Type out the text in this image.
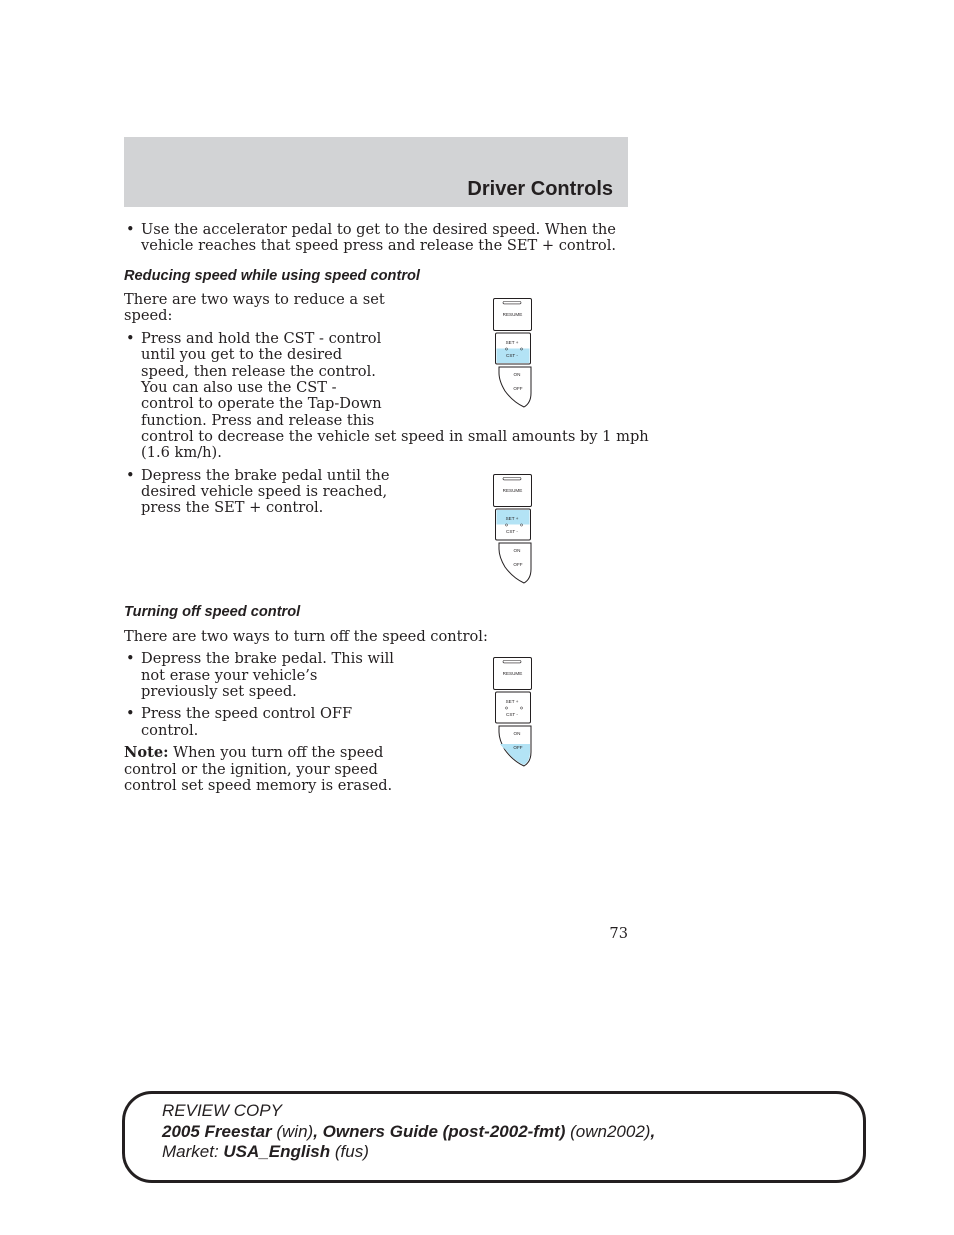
Driver Controls
• Use the accelerator pedal to get to the desired speed. When the

vehicle reaches that speed press and release the SET + control.

Reducing speed while using speed control

There are two ways to reduce a set

speed:

• Press and hold the CST - control

until you get to the desired

speed, then release the control.

You can also use the CST -

control to operate the Tap-Down

function. Press and release this

control to decrease the vehicle set speed in small amounts by 1 mph

(1.6 km/h).

• Depress the brake pedal until the

desired vehicle speed is reached,

press the SET + control.

Turning off speed control

There are two ways to turn off the speed control:

• Depress the brake pedal. This will

not erase your vehicle’s

previously set speed.

• Press the speed control OFF

control.

Note: When you turn off the speed

control or the ignition, your speed

control set speed memory is erased.

RESUME
SET +
CST -
ON
OFF
RESUME
SET +
CST -
ON
OFF
RESUME
SET +
CST -
ON
OFF
73
REVIEW COPY
2005 Freestar (win), Owners Guide (post-2002-fmt) (own2002),
Market: USA_English (fus)
